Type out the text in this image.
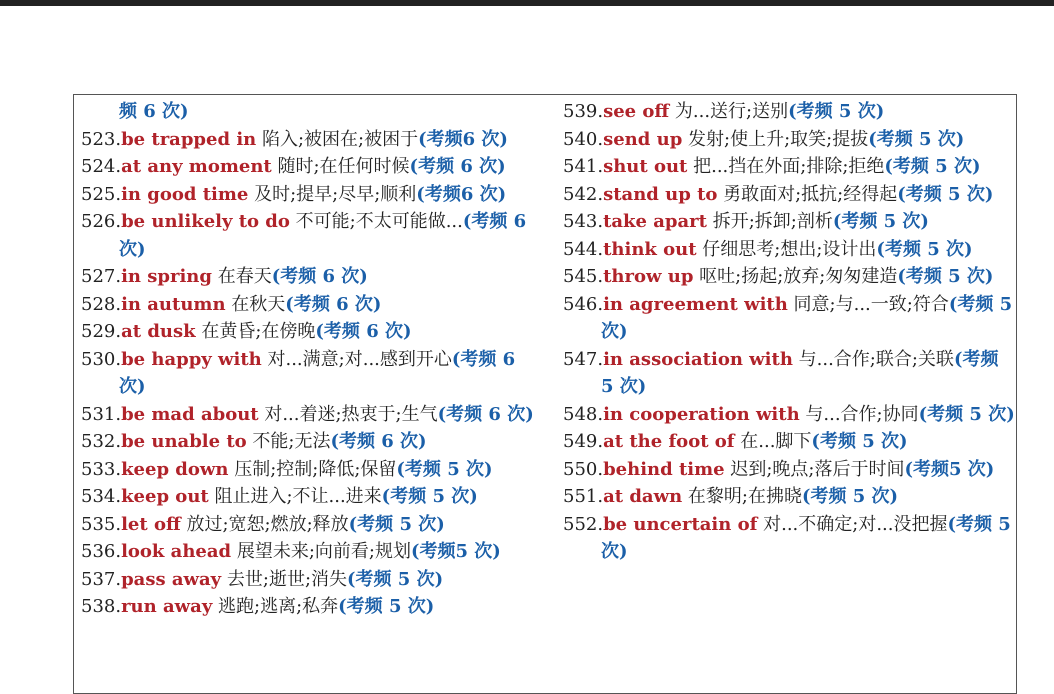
频 6 次)
523.be trapped in 陷入;被困在;被困于(考频6 次)
524.at any moment 随时;在任何时候(考频 6 次)
525.in good time 及时;提早;尽早;顺利(考频6 次)
526.be unlikely to do 不可能;不太可能做...(考频 6 次)
527.in spring 在春天(考频 6 次)
528.in autumn 在秋天(考频 6 次)
529.at dusk 在黄昏;在傍晚(考频 6 次)
530.be happy with 对...满意;对...感到开心(考频 6 次)
531.be mad about 对...着迷;热衷于;生气(考频 6 次)
532.be unable to 不能;无法(考频 6 次)
533.keep down 压制;控制;降低;保留(考频 5 次)
534.keep out 阻止进入;不让...进来(考频 5 次)
535.let off 放过;宽恕;燃放;释放(考频 5 次)
536.look ahead 展望未来;向前看;规划(考频5 次)
537.pass away 去世;逝世;消失(考频 5 次)
538.run away 逃跑;逃离;私奔(考频 5 次)
539.see off 为...送行;送别(考频 5 次)
540.send up 发射;使上升;取笑;提拔(考频 5 次)
541.shut out 把...挡在外面;排除;拒绝(考频 5 次)
542.stand up to 勇敢面对;抵抗;经得起(考频 5 次)
543.take apart 拆开;拆卸;剖析(考频 5 次)
544.think out 仔细思考;想出;设计出(考频 5 次)
545.throw up 呕吐;扬起;放弃;匆匆建造(考频 5 次)
546.in agreement with 同意;与...一致;符合(考频 5 次)
547.in association with 与...合作;联合;关联(考频 5 次)
548.in cooperation with 与...合作;协同(考频 5 次)
549.at the foot of 在...脚下(考频 5 次)
550.behind time 迟到;晚点;落后于时间(考频5 次)
551.at dawn 在黎明;在拂晓(考频 5 次)
552.be uncertain of 对...不确定;对...没把握(考频 5 次)
